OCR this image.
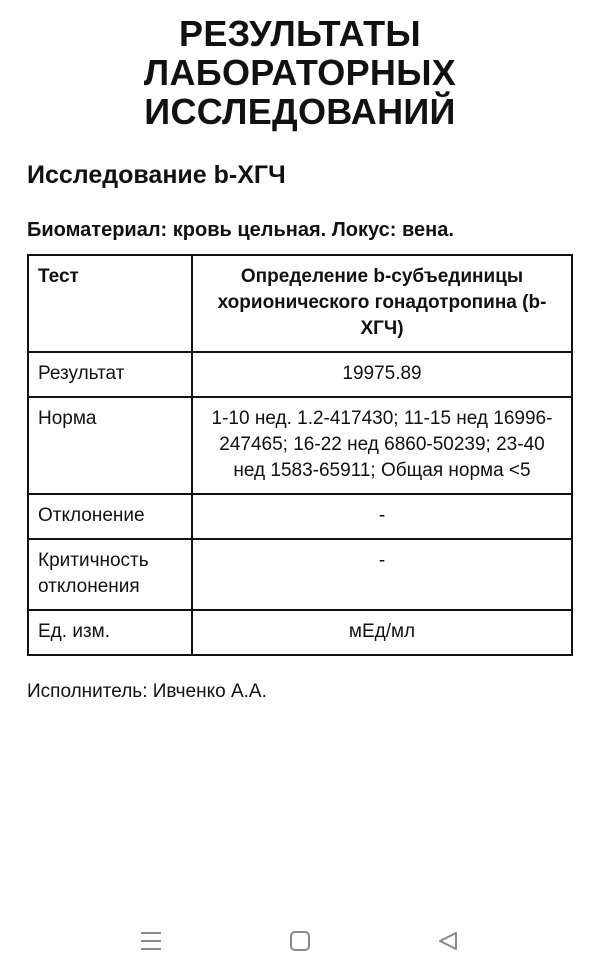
РЕЗУЛЬТАТЫ
ЛАБОРАТОРНЫХ
ИССЛЕДОВАНИЙ
Исследование b-ХГЧ

Биоматериал: кровь цельная. Локус: вена.

Тест	Определение b-субъединицы хорионического гонадотропина (b-ХГЧ)
Результат	19975.89
Норма	1-10 нед. 1.2-417430; 11-15 нед 16996-247465; 16-22 нед 6860-50239; 23-40 нед 1583-65911; Общая норма <5
Отклонение	-
Критичность отклонения	-
Ед. изм.	мЕд/мл

Исполнитель: Ивченко А.А.
